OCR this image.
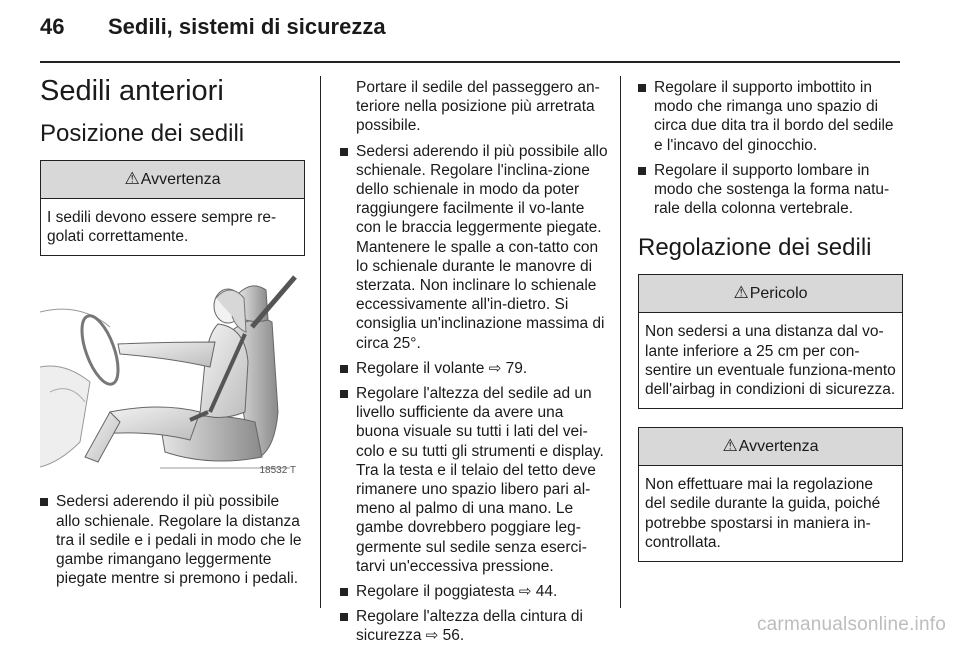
46 Sedili, sistemi di sicurezza
Sedili anteriori
Posizione dei sedili
⚠Avvertenza
I sedili devono essere sempre re-golati correttamente.
18532 T
Sedersi aderendo il più possibile allo schienale. Regolare la distanza tra il sedile e i pedali in modo che le gambe rimangano leggermente piegate mentre si premono i pedali.
Portare il sedile del passeggero an-teriore nella posizione più arretrata possibile.
Sedersi aderendo il più possibile allo schienale. Regolare l'inclina-zione dello schienale in modo da poter raggiungere facilmente il vo-lante con le braccia leggermente piegate. Mantenere le spalle a con-tatto con lo schienale durante le manovre di sterzata. Non inclinare lo schienale eccessivamente all'in-dietro. Si consiglia un'inclinazione massima di circa 25°.
Regolare il volante ⇨ 79.
Regolare l'altezza del sedile ad un livello sufficiente da avere una buona visuale su tutti i lati del vei-colo e su tutti gli strumenti e display. Tra la testa e il telaio del tetto deve rimanere uno spazio libero pari al-meno al palmo di una mano. Le gambe dovrebbero poggiare leg-germente sul sedile senza eserci-tarvi un'eccessiva pressione.
Regolare il poggiatesta ⇨ 44.
Regolare l'altezza della cintura di sicurezza ⇨ 56.
Regolare il supporto imbottito in modo che rimanga uno spazio di circa due dita tra il bordo del sedile e l'incavo del ginocchio.
Regolare il supporto lombare in modo che sostenga la forma natu-rale della colonna vertebrale.
Regolazione dei sedili
⚠Pericolo
Non sedersi a una distanza dal vo-lante inferiore a 25 cm per con-sentire un eventuale funziona-mento dell'airbag in condizioni di sicurezza.
⚠Avvertenza
Non effettuare mai la regolazione del sedile durante la guida, poiché potrebbe spostarsi in maniera in-controllata.
carmanualsonline.info
